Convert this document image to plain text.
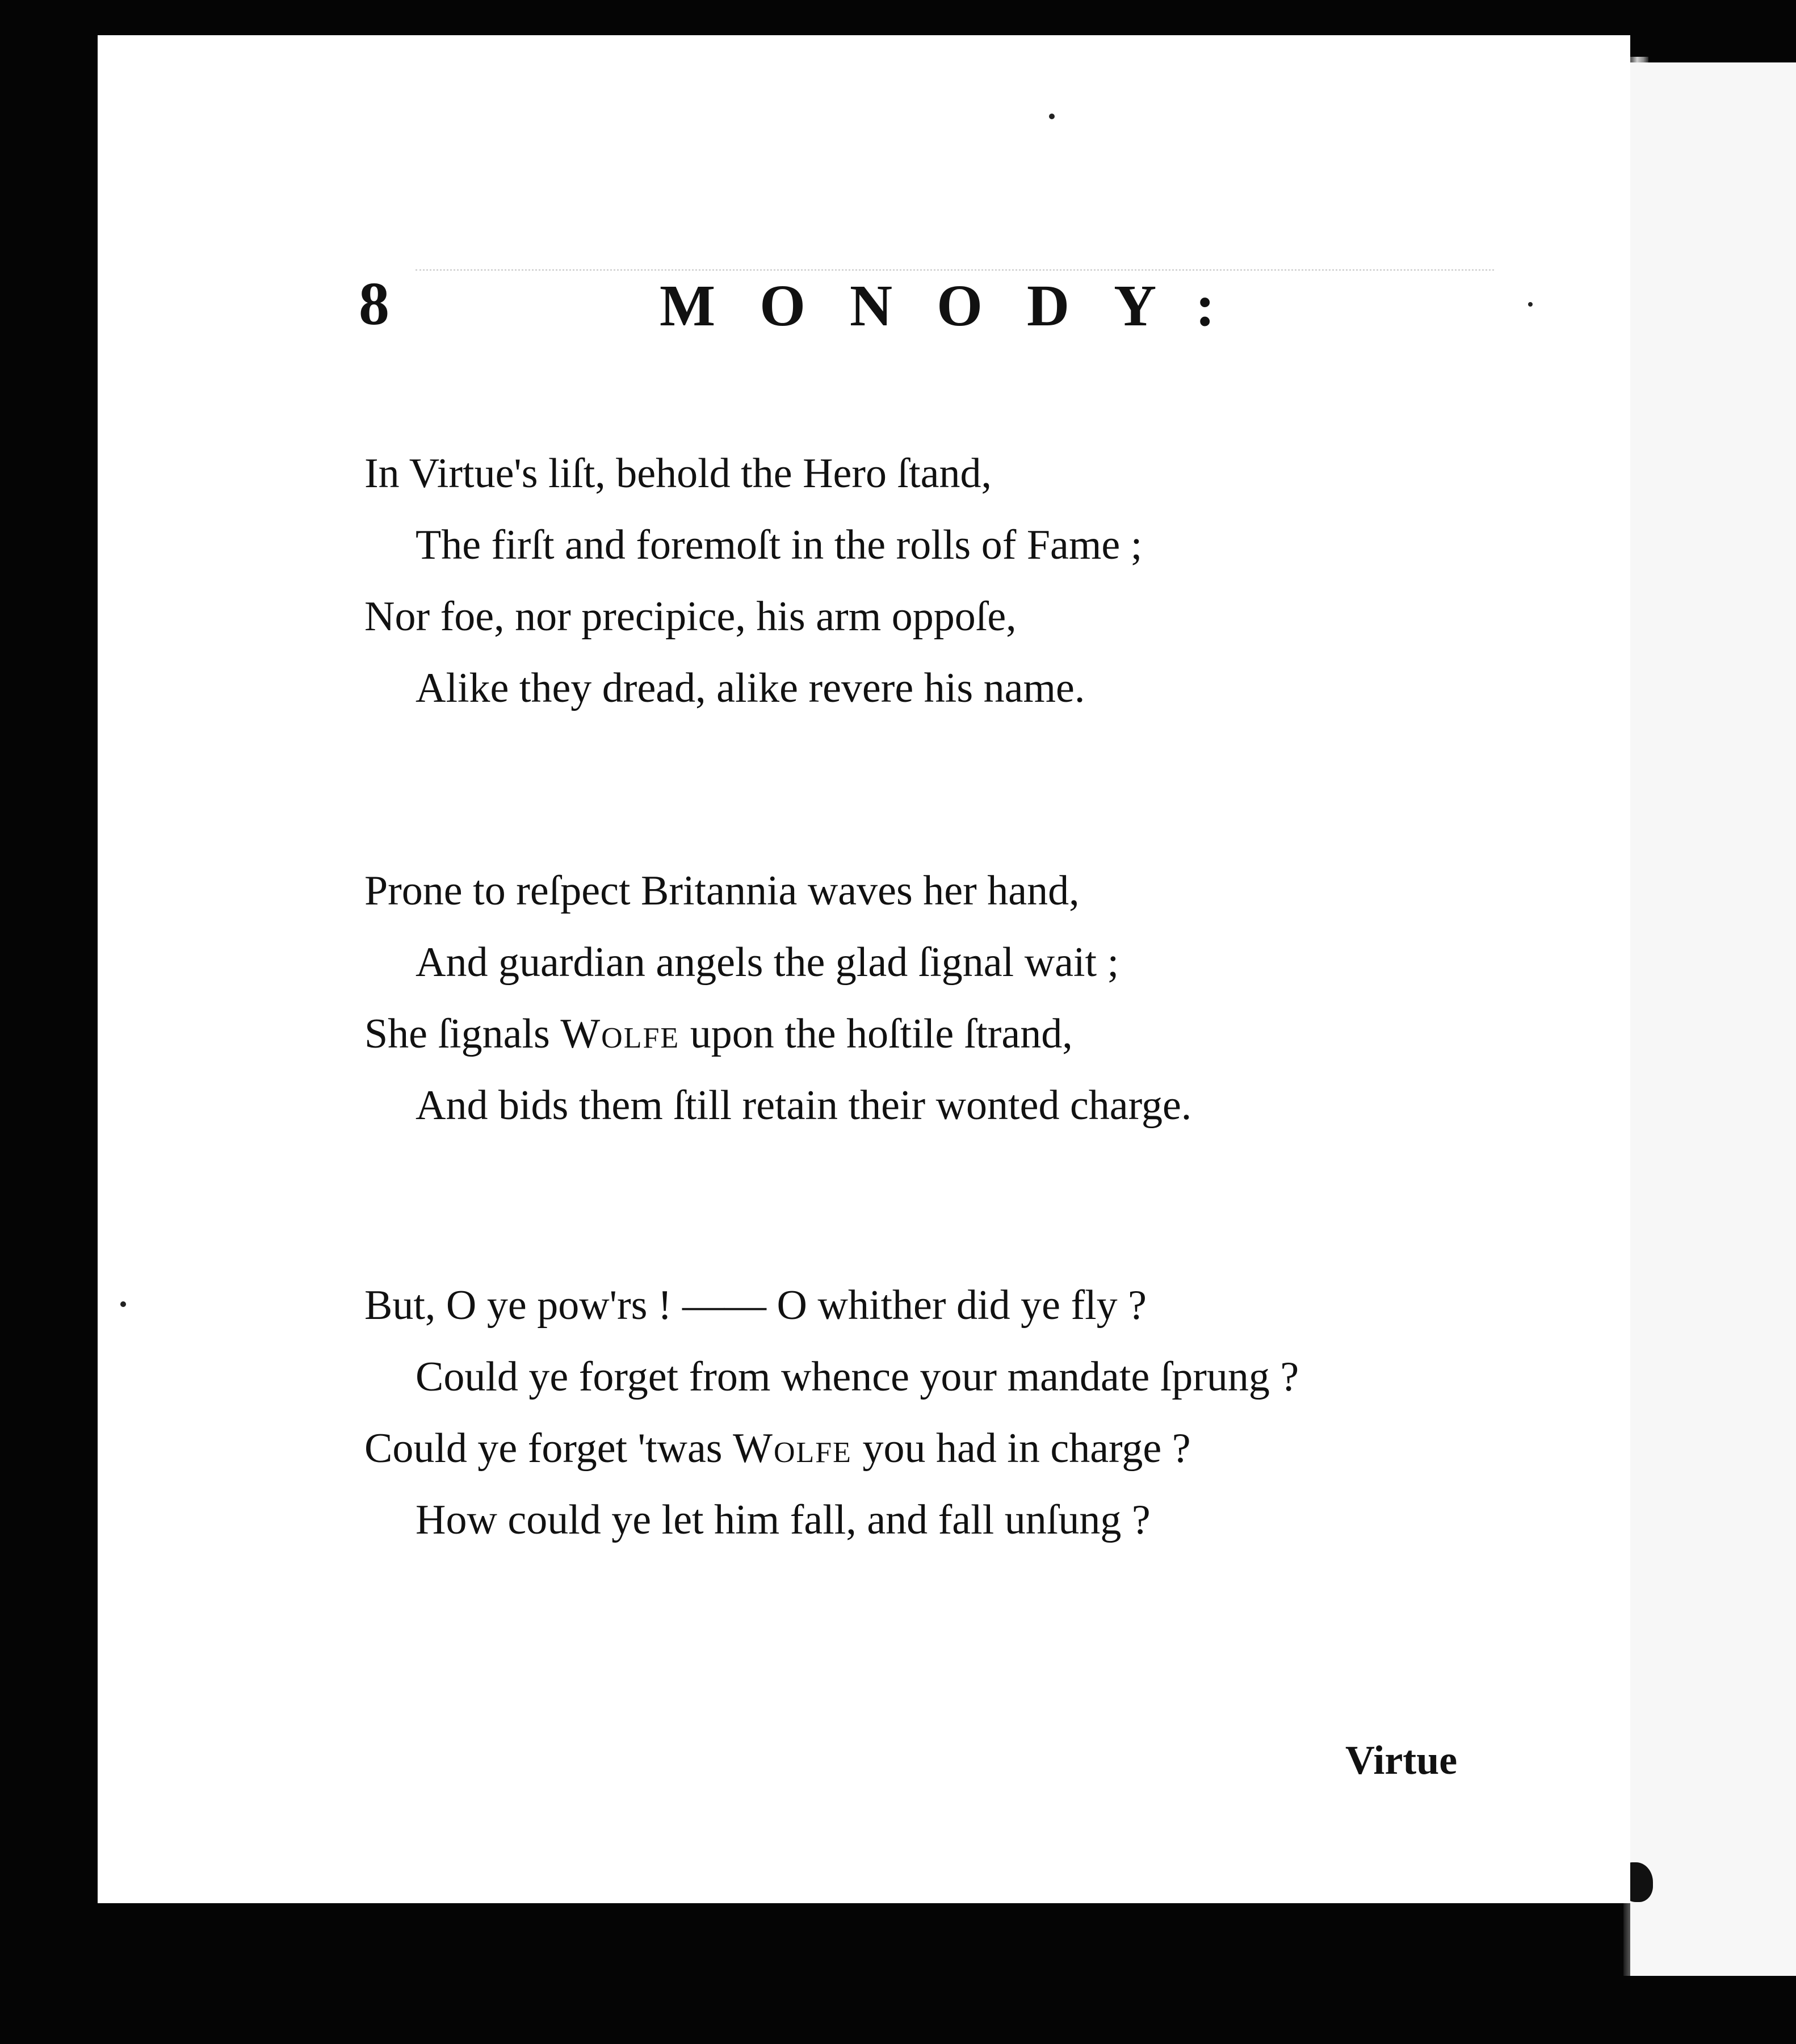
8	MONODY:
In Virtue's liſt, behold the Hero ſtand,
The firſt and foremoſt in the rolls of Fame ;
Nor foe, nor precipice, his arm oppoſe,
Alike they dread, alike revere his name.
Prone to reſpect Britannia waves her hand,
And guardian angels the glad ſignal wait ;
She ſignals Wolfe upon the hoſtile ſtrand,
And bids them ſtill retain their wonted charge.
But, O ye pow'rs ! —— O whither did ye fly ?
Could ye forget from whence your mandate ſprung ?
Could ye forget 'twas Wolfe you had in charge ?
How could ye let him fall, and fall unſung ?
Virtue
